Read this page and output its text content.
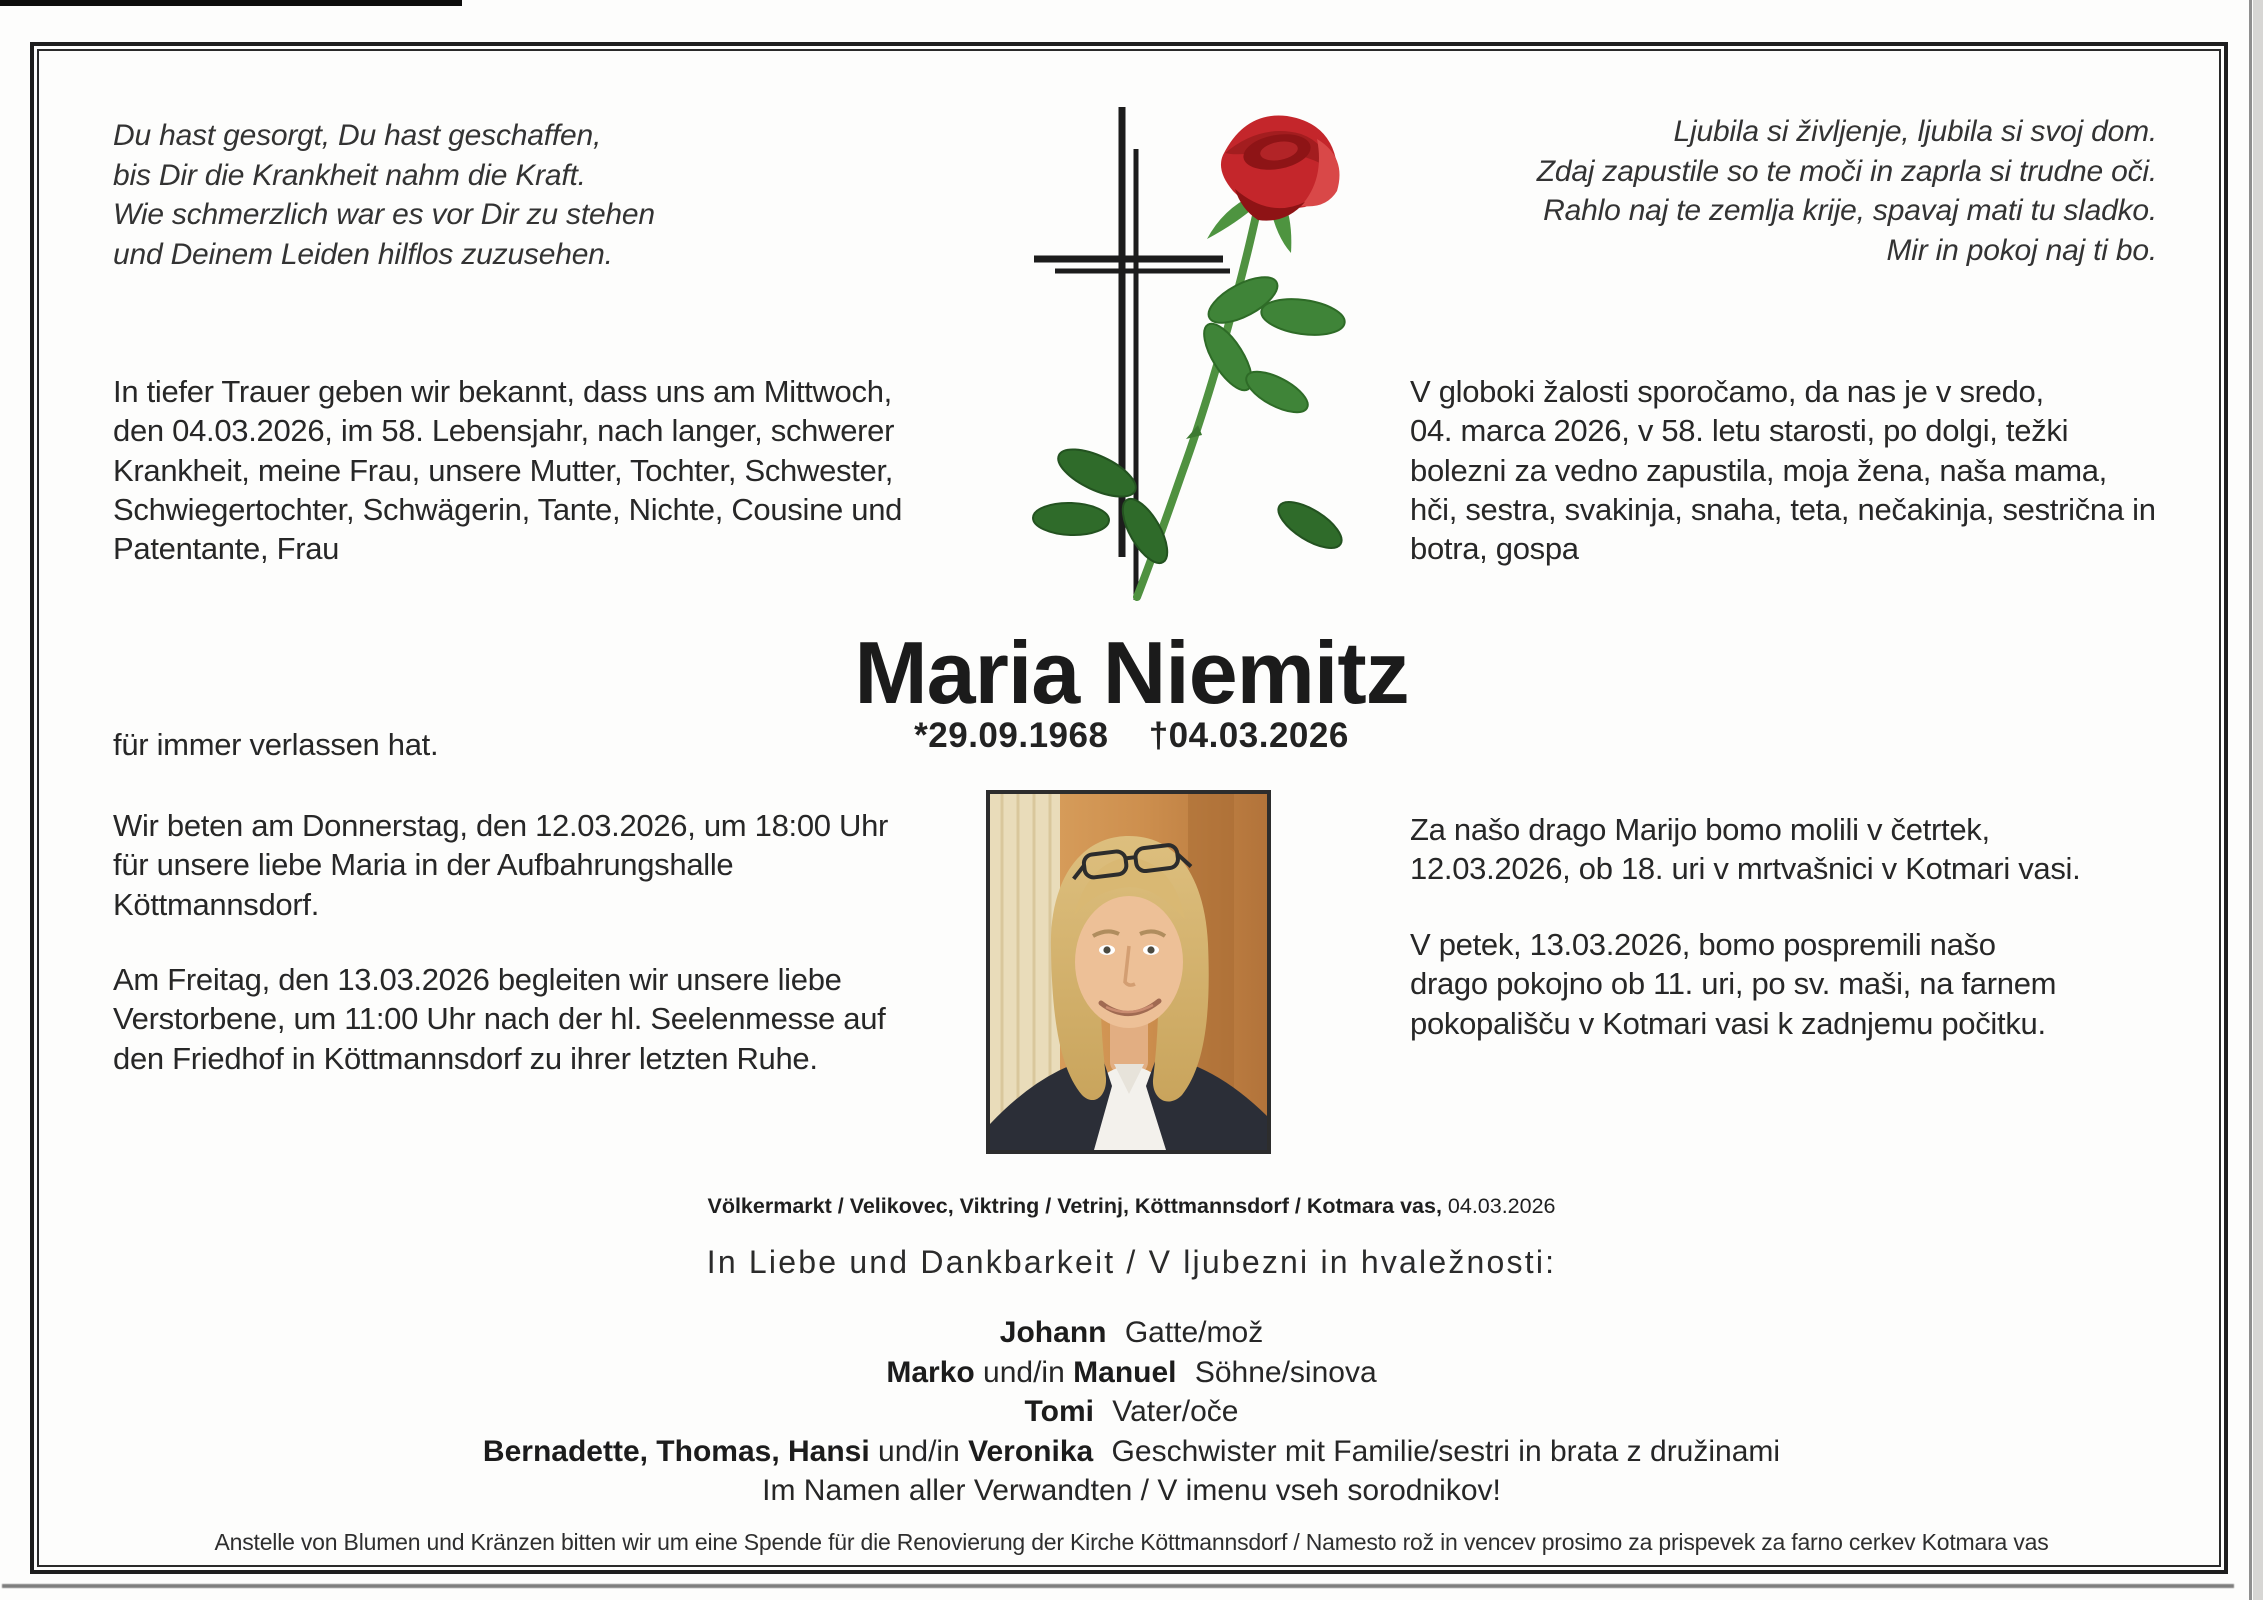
Du hast gesorgt, Du hast geschaffen,
bis Dir die Krankheit nahm die Kraft.
Wie schmerzlich war es vor Dir zu stehen
und Deinem Leiden hilflos zuzusehen.
Ljubila si življenje, ljubila si svoj dom.
Zdaj zapustile so te moči in zaprla si trudne oči.
Rahlo naj te zemlja krije, spavaj mati tu sladko.
Mir in pokoj naj ti bo.
Maria Niemitz
*29.09.1968 †04.03.2026
für immer verlassen hat.
Wir beten am Donnerstag, den 12.03.2026, um 18:00 Uhr
für unsere liebe Maria in der Aufbahrungshalle
Köttmannsdorf.
Am Freitag, den 13.03.2026 begleiten wir unsere liebe
Verstorbene, um 11:00 Uhr nach der hl. Seelenmesse auf
den Friedhof in Köttmannsdorf zu ihrer letzten Ruhe.
V globoki žalosti sporočamo, da nas je v sredo,
04. marca 2026, v 58. letu starosti, po dolgi, težki
bolezni za vedno zapustila, moja žena, naša mama,
hči, sestra, svakinja, snaha, teta, nečakinja, sestrična in
botra, gospa
Za našo drago Marijo bomo molili v četrtek,
12.03.2026, ob 18. uri v mrtvašnici v Kotmari vasi.
V petek, 13.03.2026, bomo pospremili našo
drago pokojno ob 11. uri, po sv. maši, na farnem
pokopališču v Kotmari vasi k zadnjemu počitku.
In tiefer Trauer geben wir bekannt, dass uns am Mittwoch,
den 04.03.2026, im 58. Lebensjahr, nach langer, schwerer
Krankheit, meine Frau, unsere Mutter, Tochter, Schwester,
Schwiegertochter, Schwägerin, Tante, Nichte, Cousine und
Patentante, Frau
Völkermarkt / Velikovec, Viktring / Vetrinj, Köttmannsdorf / Kotmara vas, 04.03.2026
In Liebe und Dankbarkeit / V ljubezni in hvaležnosti:
Johann Gatte/mož
Marko und/in Manuel Söhne/sinova
Tomi Vater/oče
Bernadette, Thomas, Hansi und/in Veronika Geschwister mit Familie/sestri in brata z družinami
Im Namen aller Verwandten / V imenu vseh sorodnikov!
Anstelle von Blumen und Kränzen bitten wir um eine Spende für die Renovierung der Kirche Köttmannsdorf / Namesto rož in vencev prosimo za prispevek za farno cerkev Kotmara vas
